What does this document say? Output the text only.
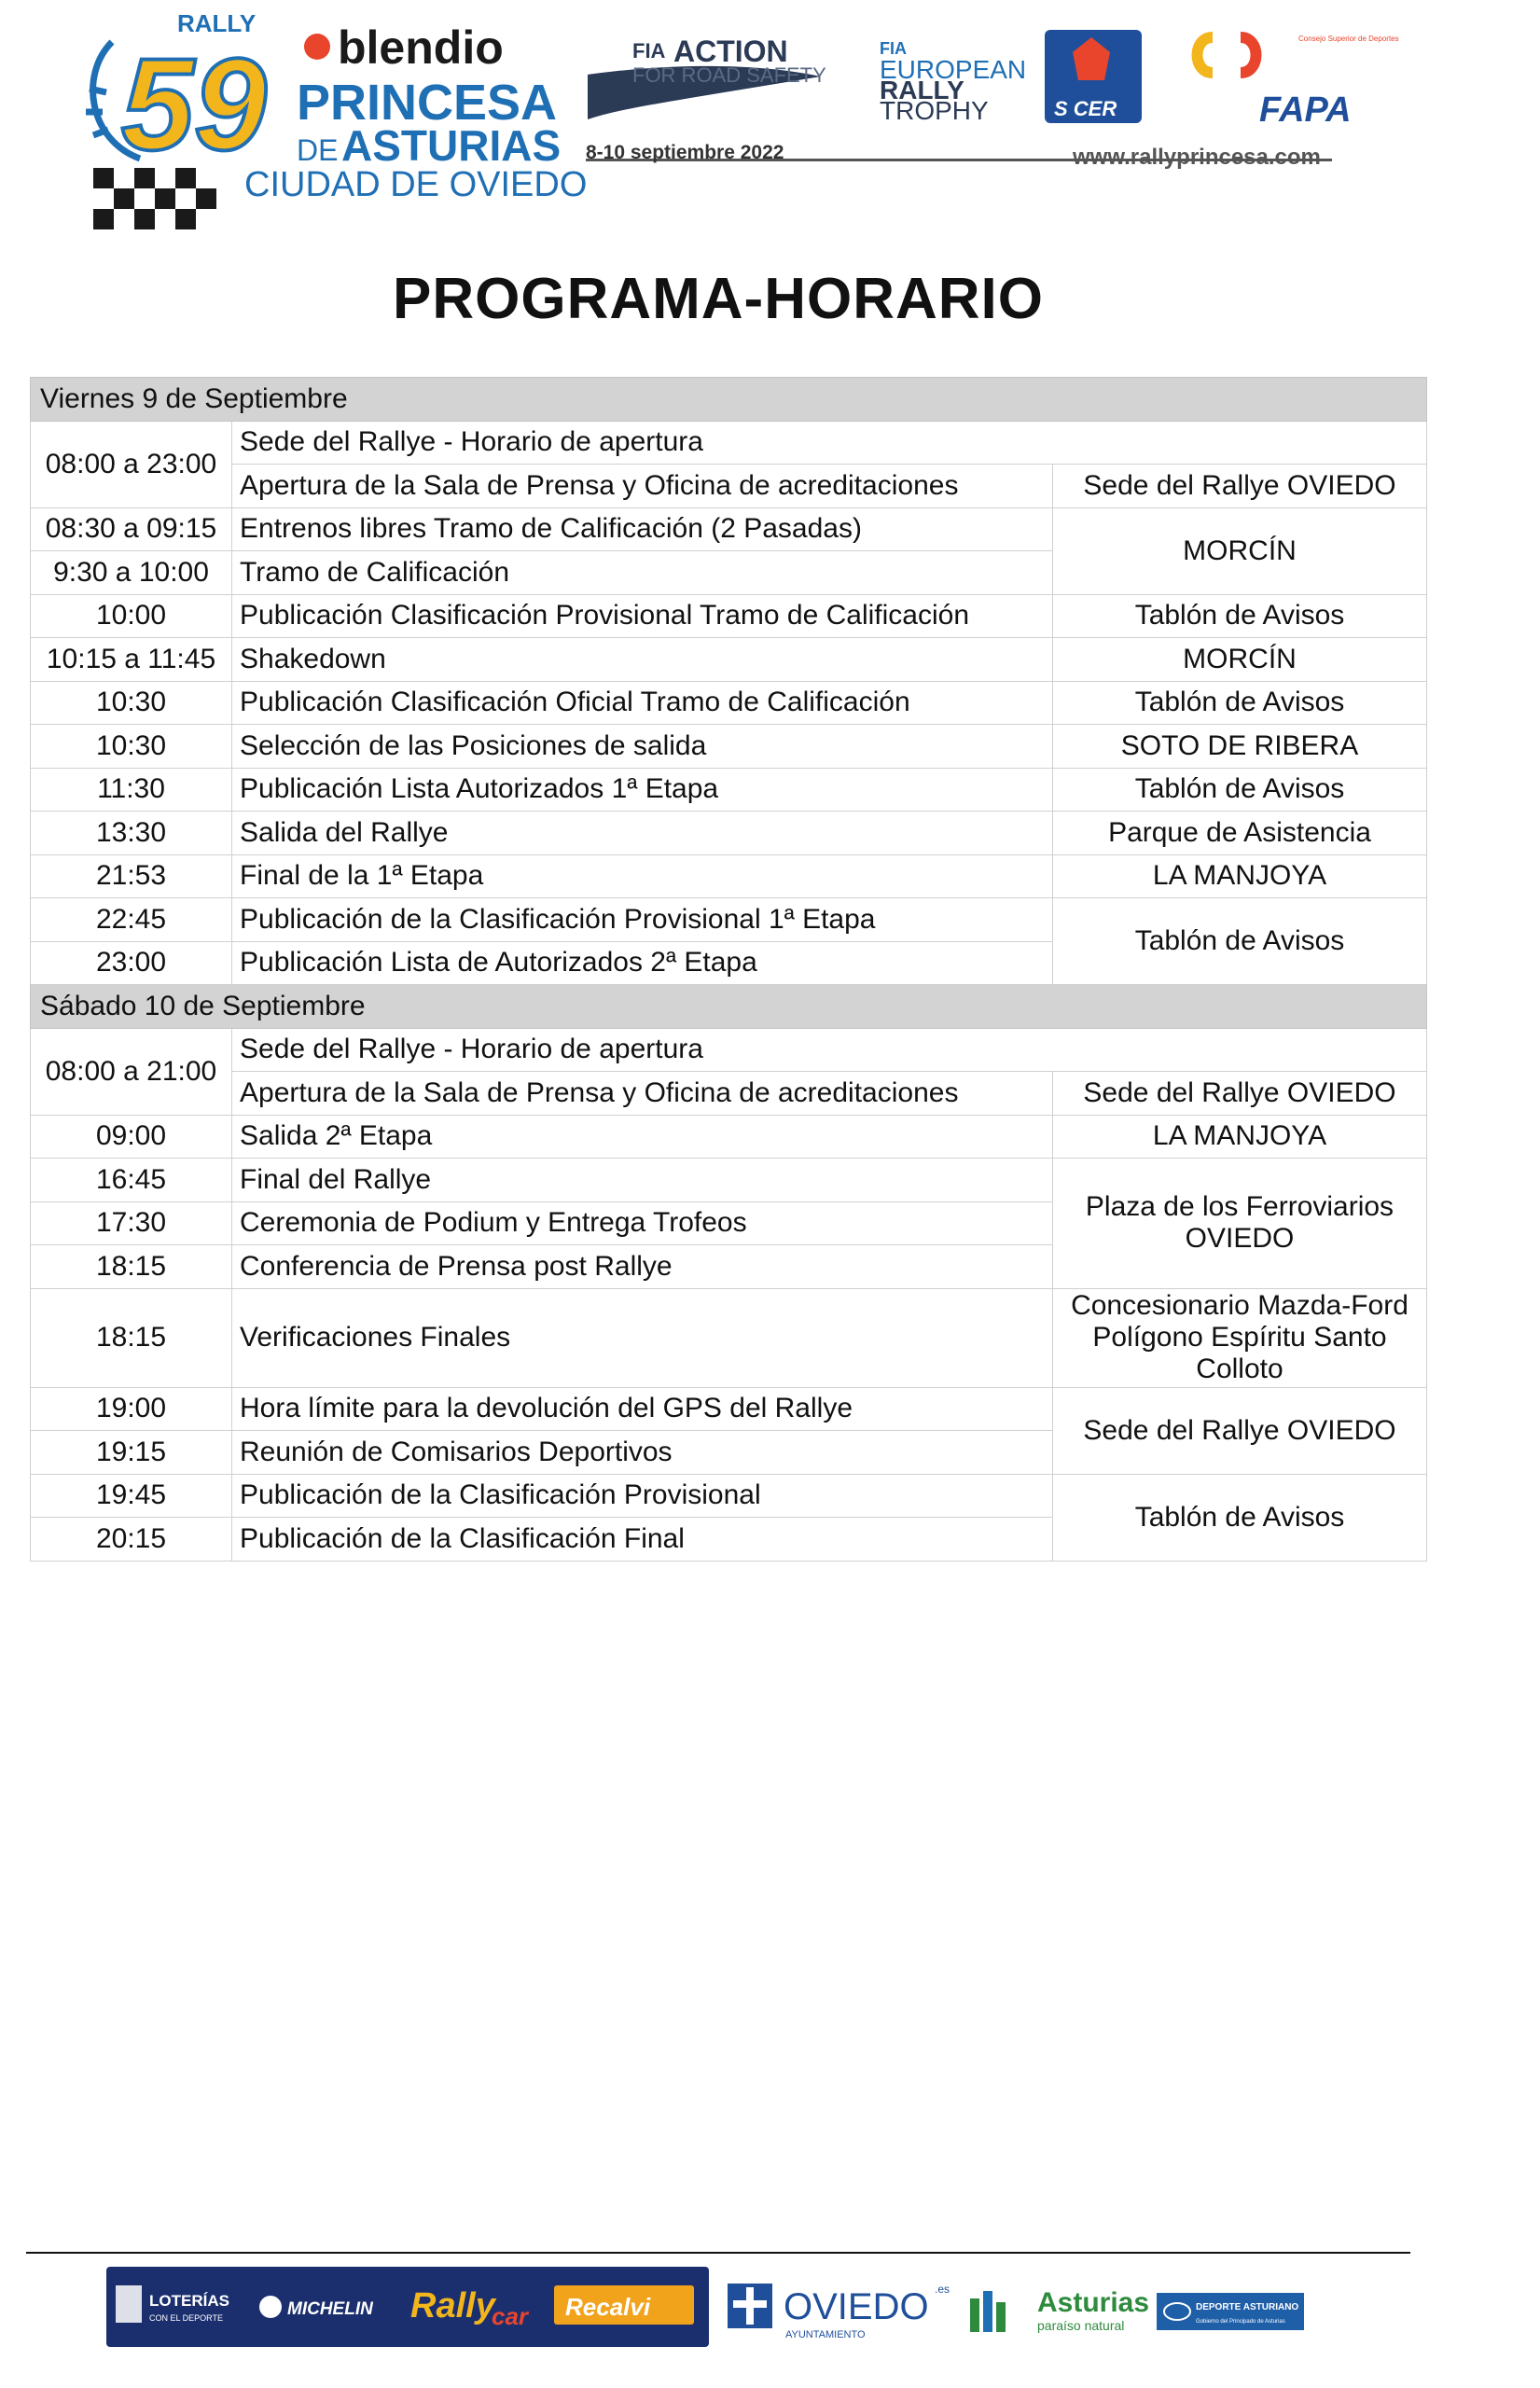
RALLY
59 blendio
PRINCESA
DE ASTURIAS
CIUDAD DE OVIEDO
FIA ACTION
FOR ROAD SAFETY
8-10 septiembre 2022
FIA
EUROPEAN
RALLY
TROPHY	S CER
Consejo Superior de Deportes
FAPA
www.rallyprincesa.com
PROGRAMA-HORARIO
Viernes 9 de Septiembre		
08:00 a 23:00	Sede del Rallye - Horario de apertura	
	Apertura de la Sala de Prensa y Oficina de acreditaciones	Sede del Rallye OVIEDO
08:30 a 09:15	Entrenos libres Tramo de Calificación (2 Pasadas)	MORCÍN
9:30 a 10:00	Tramo de Calificación	
10:00	Publicación Clasificación Provisional Tramo de Calificación	Tablón de Avisos
10:15 a 11:45	Shakedown	MORCÍN
10:30	Publicación Clasificación Oficial Tramo de Calificación	Tablón de Avisos
10:30	Selección de las Posiciones de salida	SOTO DE RIBERA
11:30	Publicación Lista Autorizados 1ª Etapa	Tablón de Avisos
13:30	Salida del Rallye	Parque de Asistencia
21:53	Final de la 1ª Etapa	LA MANJOYA
22:45	Publicación de la Clasificación Provisional 1ª Etapa	Tablón de Avisos
23:00	Publicación Lista de Autorizados 2ª Etapa	
Sábado 10 de Septiembre		
08:00 a 21:00	Sede del Rallye - Horario de apertura	
	Apertura de la Sala de Prensa y Oficina de acreditaciones	Sede del Rallye OVIEDO
09:00	Salida 2ª Etapa	LA MANJOYA
16:45	Final del Rallye	Plaza de los Ferroviarios
OVIEDO

17:30	Ceremonia de Podium y Entrega Trofeos	
18:15	Conferencia de Prensa post Rallye	
18:15	Verificaciones Finales	Concesionario Mazda-Ford
Polígono Espíritu Santo
Colloto

19:00	Hora límite para la devolución del GPS del Rallye	Sede del Rallye OVIEDO
19:15	Reunión de Comisarios Deportivos	
19:45	Publicación de la Clasificación Provisional	Tablón de Avisos
20:15	Publicación de la Clasificación Final	
LOTERÍAS
CON EL DEPORTE	MICHELIN Rally
car Recalvi	OVIEDO .es
AYUNTAMIENTO
Asturias
paraíso natural
DEPORTE ASTURIANO
Gobierno del Principado de Asturias
